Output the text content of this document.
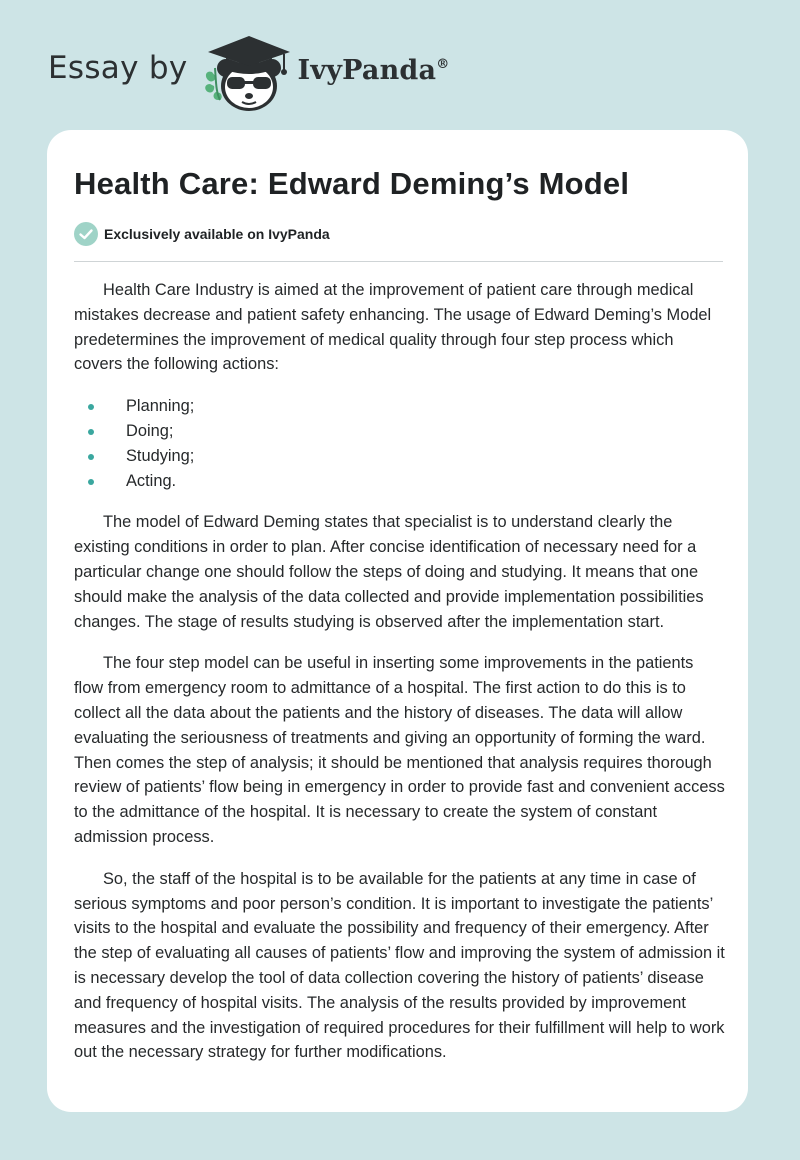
Essay by	IvyPanda®
Health Care: Edward Deming’s Model
Exclusively available on IvyPanda

Health Care Industry is aimed at the improvement of patient care through medical mistakes decrease and patient safety enhancing. The usage of Edward Deming’s Model predetermines the improvement of medical quality through four step process which covers the following actions:

Planning;
Doing;
Studying;
Acting.

The model of Edward Deming states that specialist is to understand clearly the existing conditions in order to plan. After concise identification of necessary need for a particular change one should follow the steps of doing and studying. It means that one should make the analysis of the data collected and provide implementation possibilities changes. The stage of results studying is observed after the implementation start.

The four step model can be useful in inserting some improvements in the patients flow from emergency room to admittance of a hospital. The first action to do this is to collect all the data about the patients and the history of diseases. The data will allow evaluating the seriousness of treatments and giving an opportunity of forming the ward. Then comes the step of analysis; it should be mentioned that analysis requires thorough review of patients’ flow being in emergency in order to provide fast and convenient access to the admittance of the hospital. It is necessary to create the system of constant admission process.

So, the staff of the hospital is to be available for the patients at any time in case of serious symptoms and poor person’s condition. It is important to investigate the patients’ visits to the hospital and evaluate the possibility and frequency of their emergency. After the step of evaluating all causes of patients’ flow and improving the system of admission it is necessary develop the tool of data collection covering the history of patients’ disease and frequency of hospital visits. The analysis of the results provided by improvement measures and the investigation of required procedures for their fulfillment will help to work out the necessary strategy for further modifications.
